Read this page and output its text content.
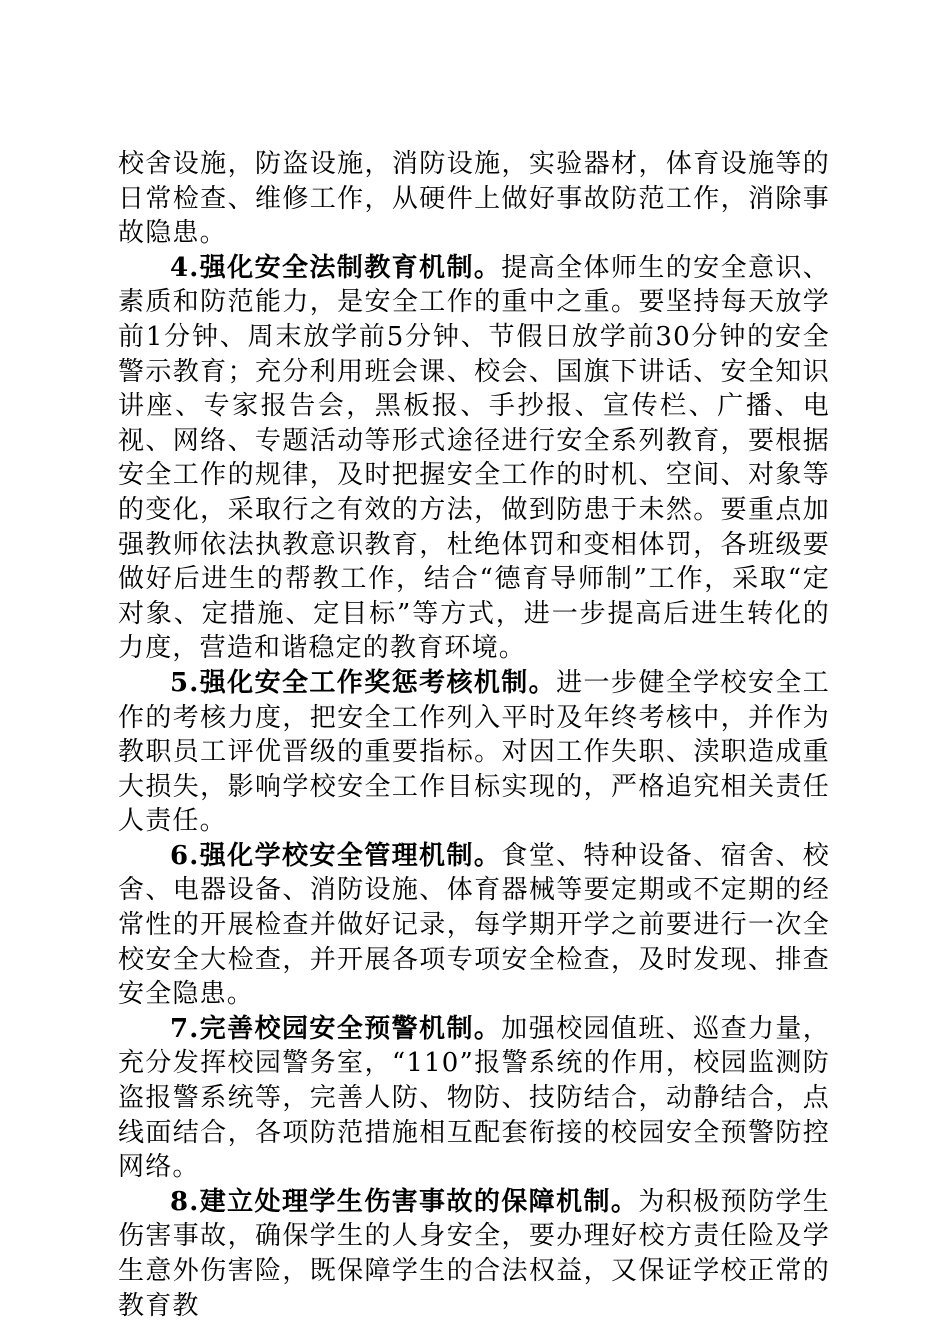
校舍设施，防盗设施，消防设施，实验器材，体育设施等的日常检查、维修工作，从硬件上做好事故防范工作，消除事故隐患。

4.强化安全法制教育机制。提高全体师生的安全意识、素质和防范能力，是安全工作的重中之重。要坚持每天放学前1分钟、周末放学前5分钟、节假日放学前30分钟的安全警示教育；充分利用班会课、校会、国旗下讲话、安全知识讲座、专家报告会，黑板报、手抄报、宣传栏、广播、电视、网络、专题活动等形式途径进行安全系列教育，要根据安全工作的规律，及时把握安全工作的时机、空间、对象等的变化，采取行之有效的方法，做到防患于未然。要重点加强教师依法执教意识教育，杜绝体罚和变相体罚，各班级要做好后进生的帮教工作，结合“德育导师制”工作，采取“定对象、定措施、定目标”等方式，进一步提高后进生转化的力度，营造和谐稳定的教育环境。

5.强化安全工作奖惩考核机制。进一步健全学校安全工作的考核力度，把安全工作列入平时及年终考核中，并作为教职员工评优晋级的重要指标。对因工作失职、渎职造成重大损失，影响学校安全工作目标实现的，严格追究相关责任人责任。

6.强化学校安全管理机制。食堂、特种设备、宿舍、校舍、电器设备、消防设施、体育器械等要定期或不定期的经常性的开展检查并做好记录，每学期开学之前要进行一次全校安全大检查，并开展各项专项安全检查，及时发现、排查安全隐患。

7.完善校园安全预警机制。加强校园值班、巡查力量，充分发挥校园警务室，“110”报警系统的作用，校园监测防盗报警系统等，完善人防、物防、技防结合，动静结合，点线面结合，各项防范措施相互配套衔接的校园安全预警防控网络。

8.建立处理学生伤害事故的保障机制。为积极预防学生伤害事故，确保学生的人身安全，要办理好校方责任险及学生意外伤害险，既保障学生的合法权益，又保证学校正常的教育教
